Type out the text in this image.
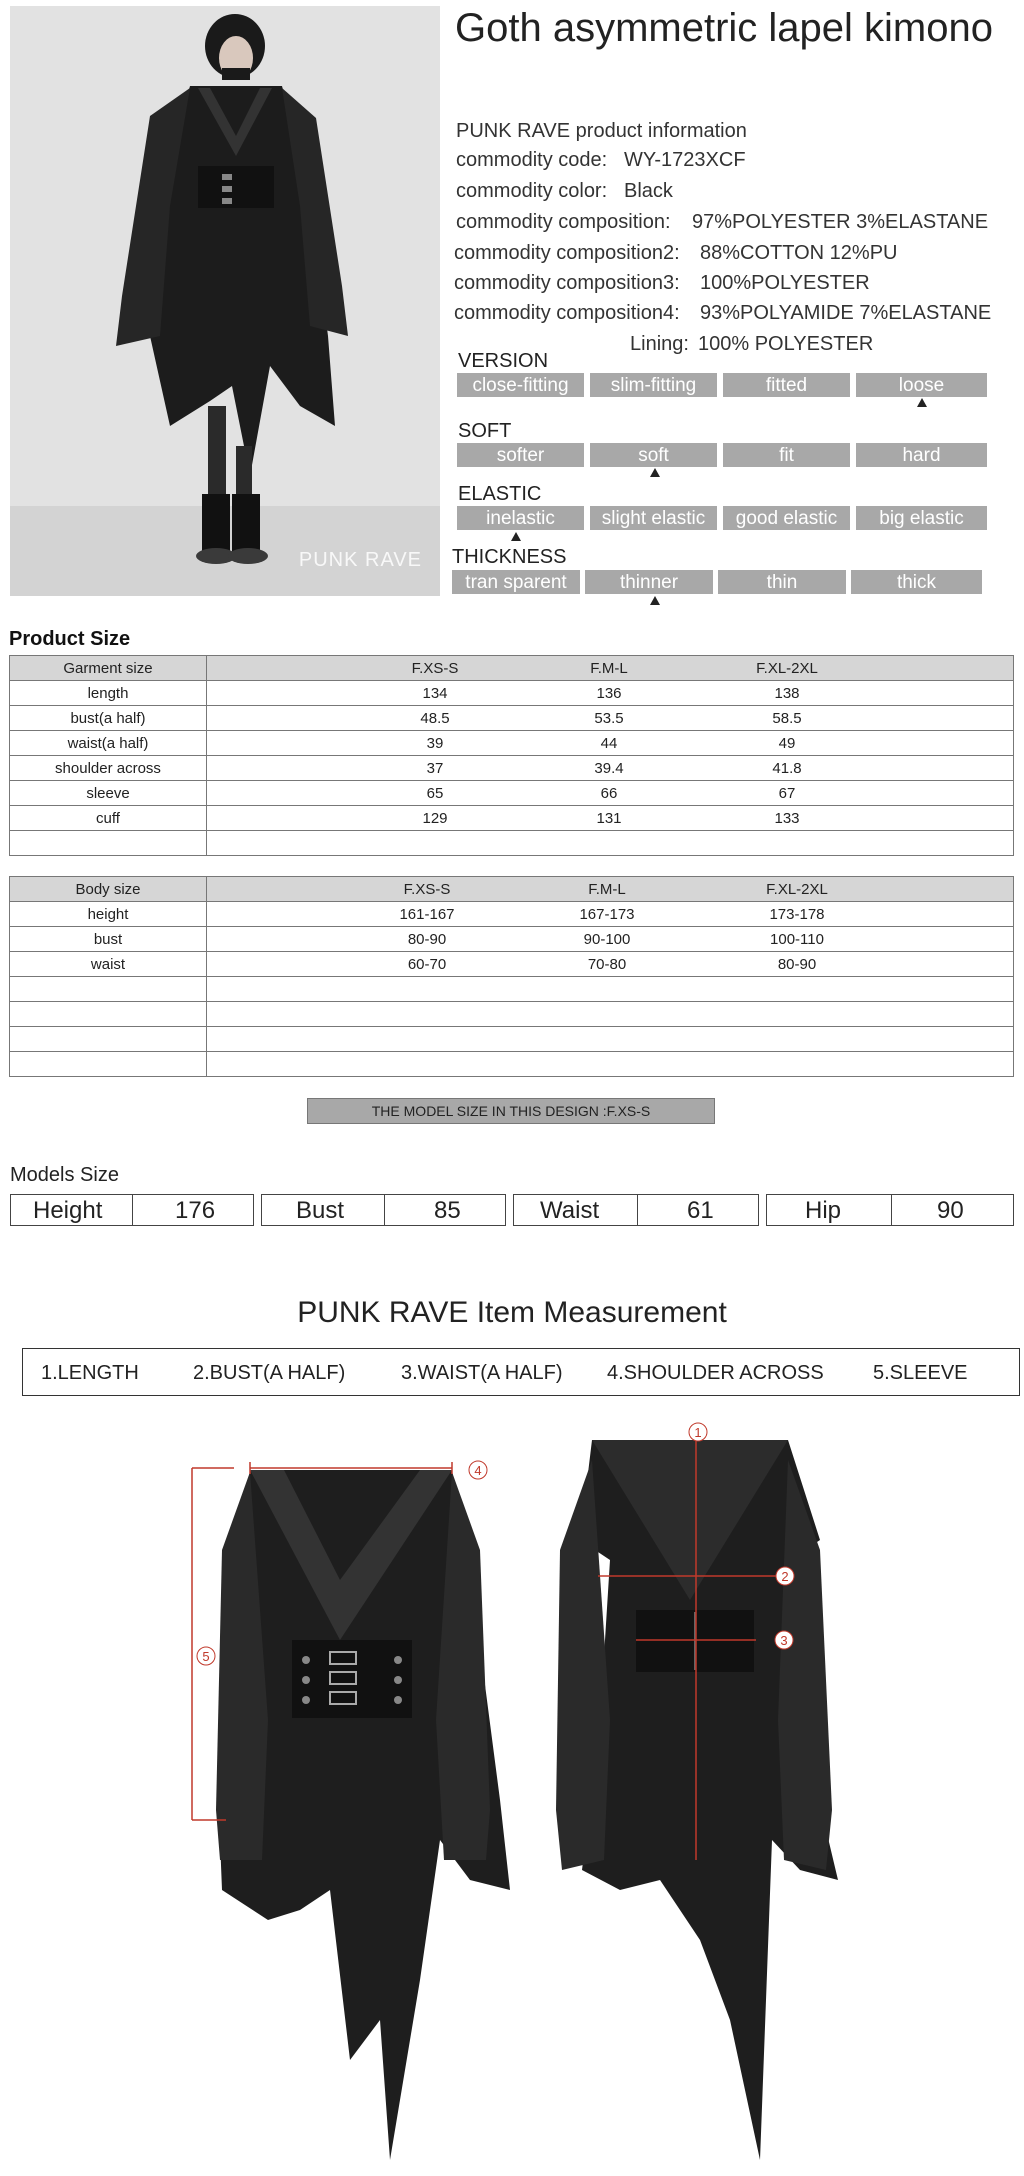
PUNK RAVE
Goth asymmetric lapel kimono
PUNK RAVE product information
commodity code: WY-1723XCF
commodity color: Black
commodity composition: 97%POLYESTER 3%ELASTANE
commodity composition2: 88%COTTON 12%PU
commodity composition3: 100%POLYESTER
commodity composition4: 93%POLYAMIDE 7%ELASTANE
Lining: 100% POLYESTER
VERSION
close-fitting	slim-fitting	fitted	loose
SOFT
softer	soft	fit	hard
ELASTIC
inelastic	slight elastic	good elastic	big elastic
THICKNESS
tran sparent	thinner	thin	thick
Product Size
Garment size	F.XS-S F.M-L F.XL-2XL

length	134 136 138

bust(a half)	48.5 53.5 58.5

waist(a half)	39 44 49

shoulder across	37 39.4 41.8

sleeve	65 66 67

cuff	129 131 133

Body size	F.XS-S F.M-L F.XL-2XL

height	161-167 167-173 173-178

bust	80-90 90-100 100-110

waist	60-70 70-80 80-90

THE MODEL SIZE IN THIS DESIGN :F.XS-S
Models Size
Height	176	Bust	85	Waist	61	Hip	90
PUNK RAVE Item Measurement
1.LENGTH	2.BUST(A HALF)	3.WAIST(A HALF) 4.SHOULDER ACROSS 5.SLEEVE
4
5
1
2
3
